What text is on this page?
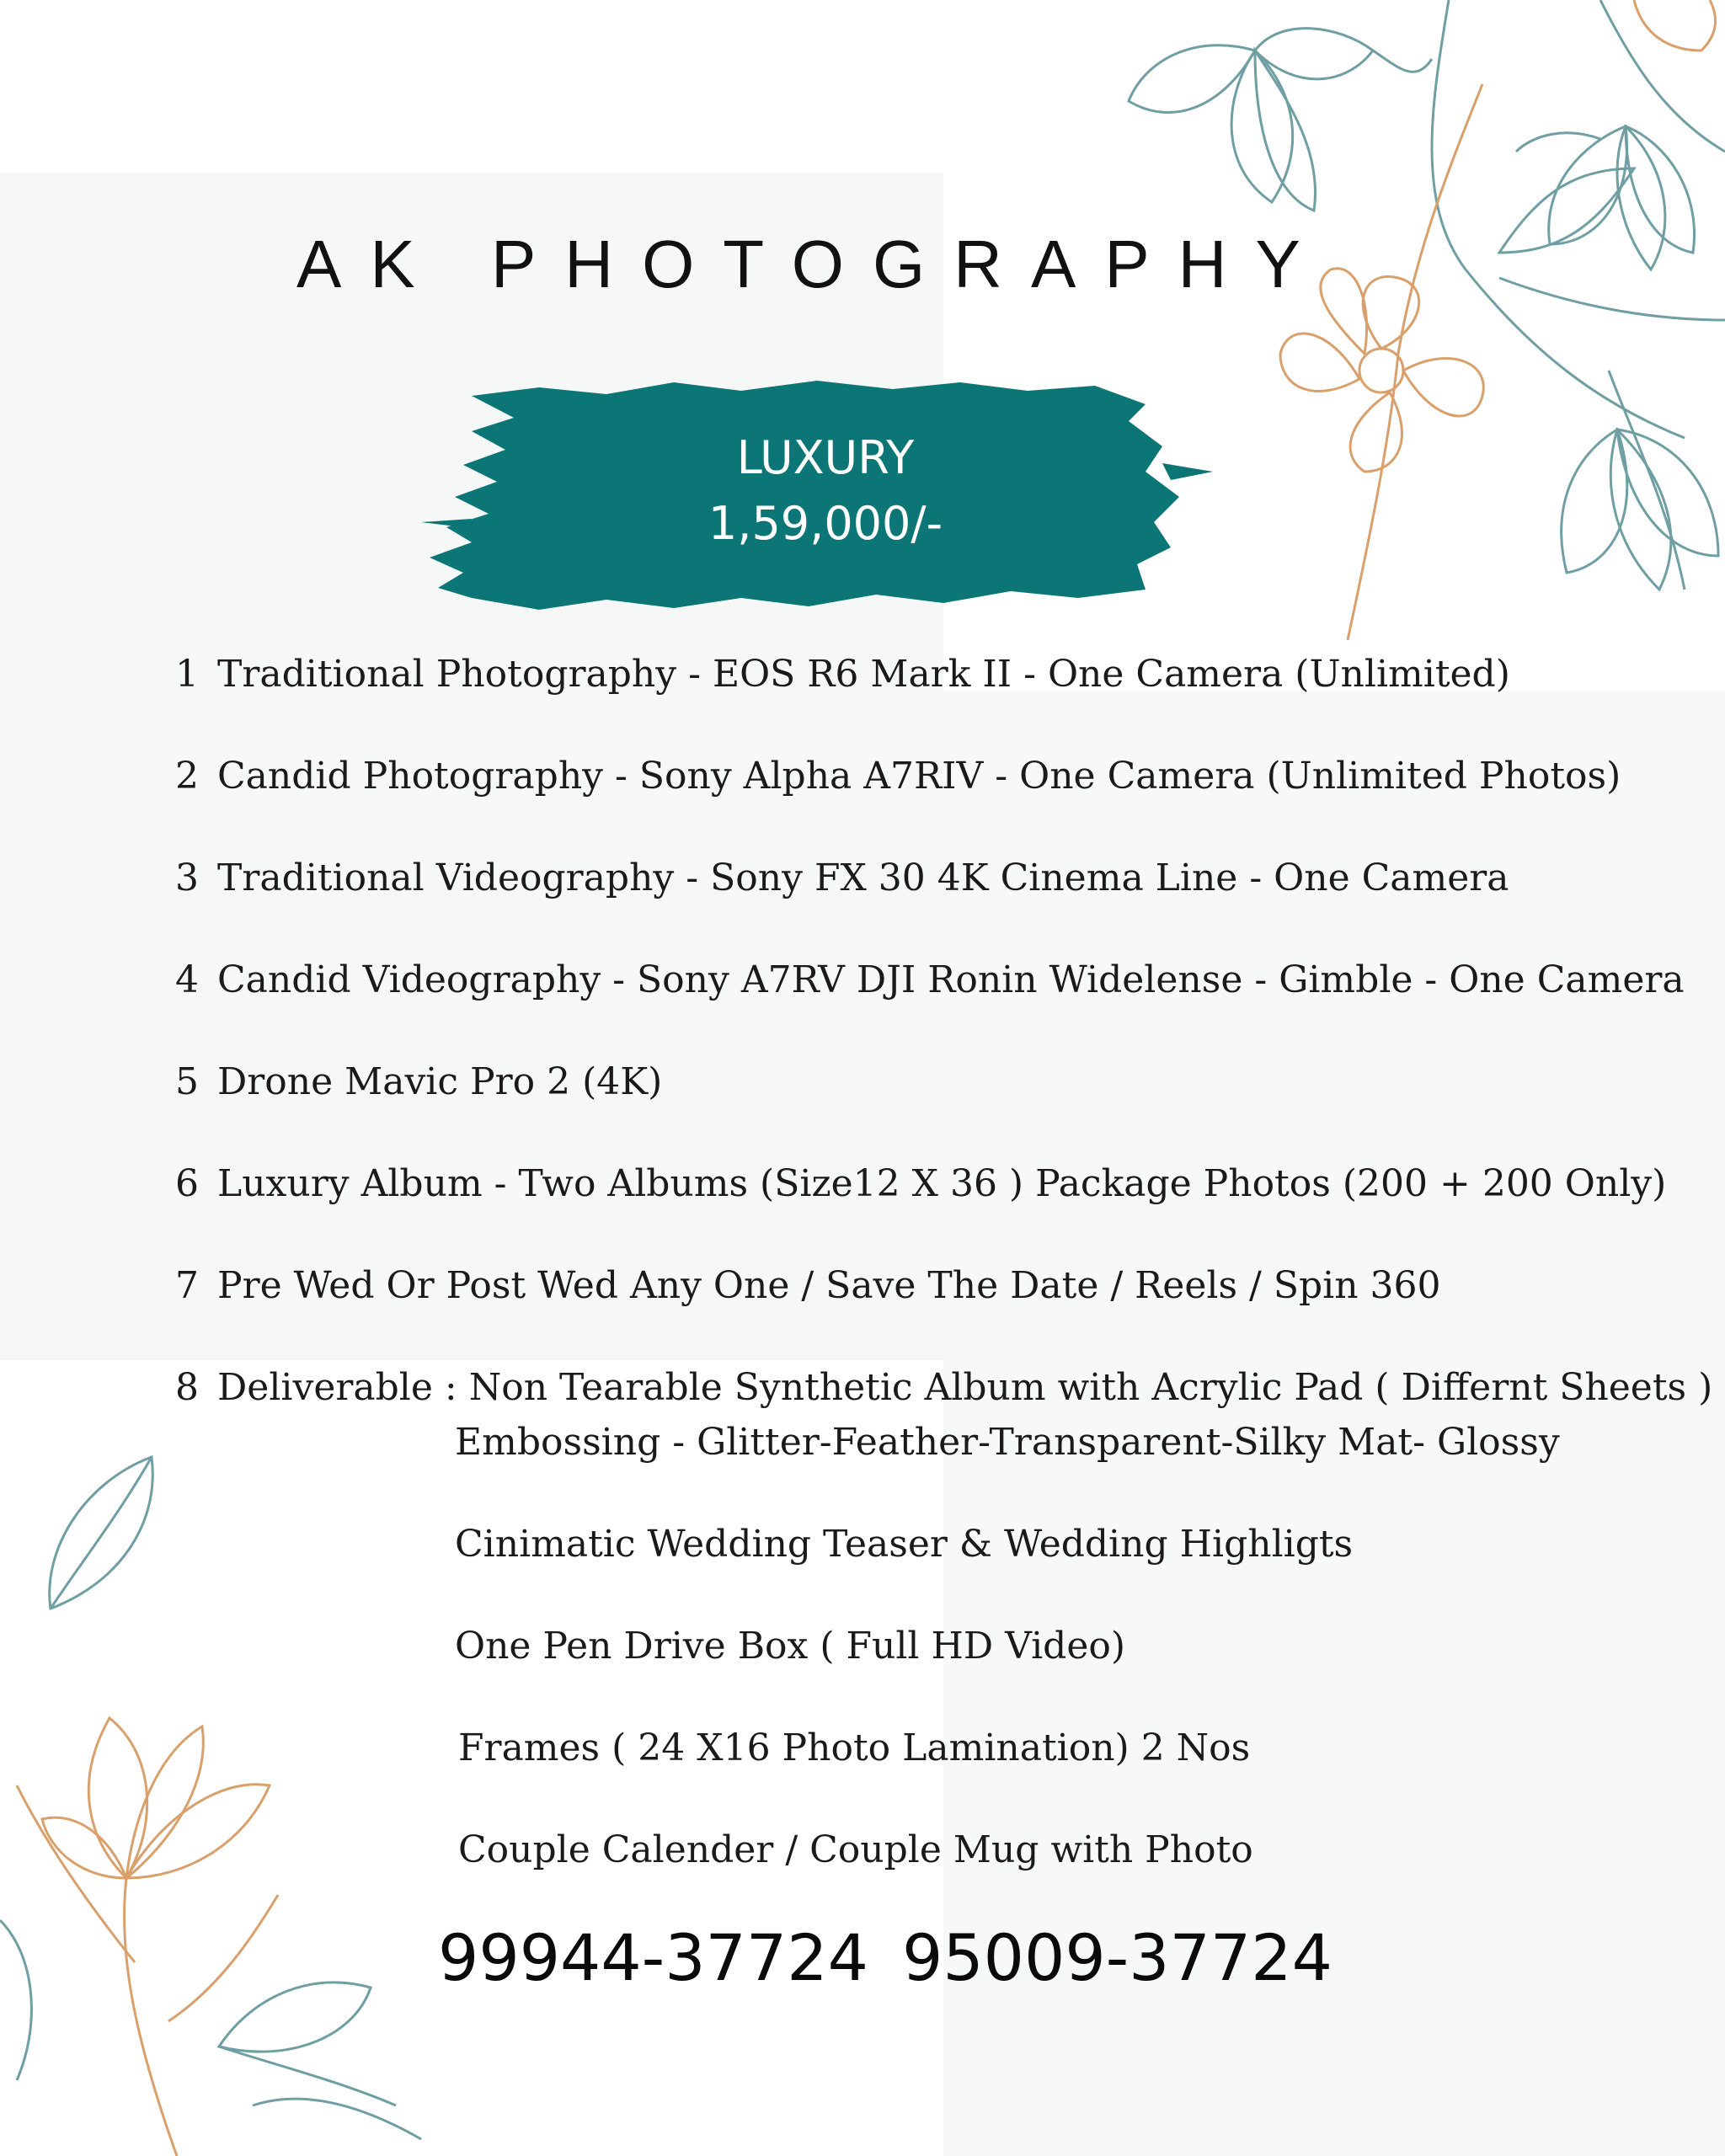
AK PHOTOGRAPHY
LUXURY
1,59,000/-
1 Traditional Photography - EOS R6 Mark II - One Camera (Unlimited)
2 Candid Photography - Sony Alpha A7RIV - One Camera (Unlimited Photos)
3 Traditional Videography - Sony FX 30 4K Cinema Line - One Camera
4 Candid Videography - Sony A7RV DJI Ronin Widelense - Gimble - One Camera
5 Drone Mavic Pro 2 (4K)
6 Luxury Album - Two Albums (Size12 X 36 ) Package Photos (200 + 200 Only)
7 Pre Wed Or Post Wed Any One / Save The Date / Reels / Spin 360
8 Deliverable : Non Tearable Synthetic Album with Acrylic Pad ( Differnt Sheets )
Embossing - Glitter-Feather-Transparent-Silky Mat- Glossy
Cinimatic Wedding Teaser & Wedding Highligts
One Pen Drive Box ( Full HD Video)
Frames ( 24 X16 Photo Lamination) 2 Nos
Couple Calender / Couple Mug with Photo
99944-37724 95009-37724
